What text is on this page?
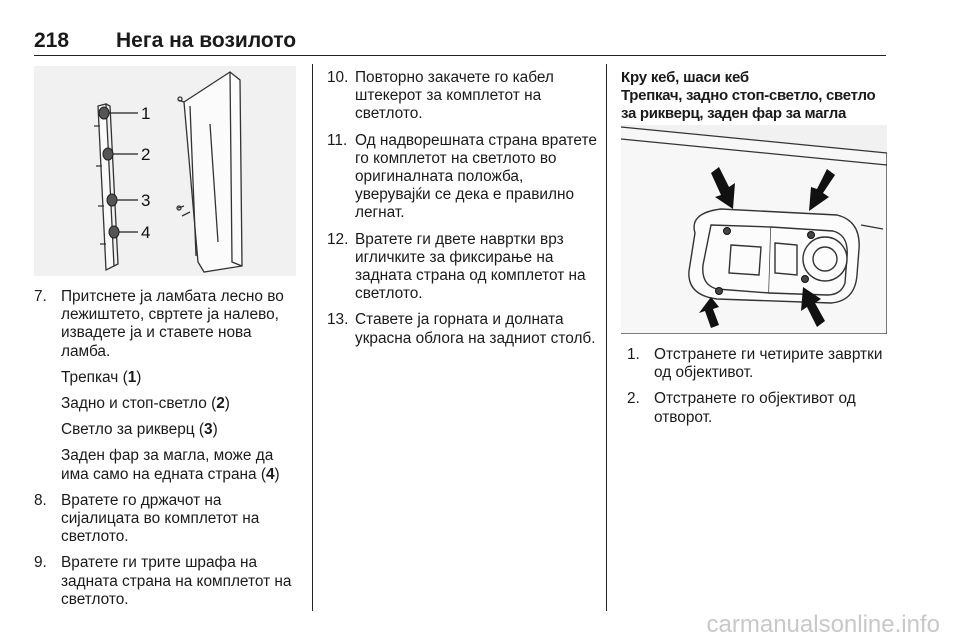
218 Нега на возилото
1
2
3
4
7. Притснете ја ламбата лесно во лежиштето, свртете ја налево, извадете ја и ставете нова ламба.
Трепкач (1)
Задно и стоп-светло (2)
Светло за рикверц (3)
Заден фар за магла, може да има само на едната страна (4)
8. Вратете го држачот на сијалицата во комплетот на светлото.
9. Вратете ги трите шрафа на задната страна на комплетот на светлото.
10. Повторно закачете го кабел штекерот за комплетот на светлото.
11. Од надворешната страна вратете го комплетот на светлото во оригиналната положба, уверувајќи се дека е правилно легнат.
12. Вратете ги двете навртки врз игличките за фиксирање на задната страна од комплетот на светлото.
13. Ставете ја горната и долната украсна облога на задниот столб.
Кру кеб, шаси кеб
Трепкач, задно стоп-светло, светло за рикверц, заден фар за магла
1. Отстранете ги четирите завртки од објективот.
2. Отстранете го објективот од отворот.
carmanualsonline.info
